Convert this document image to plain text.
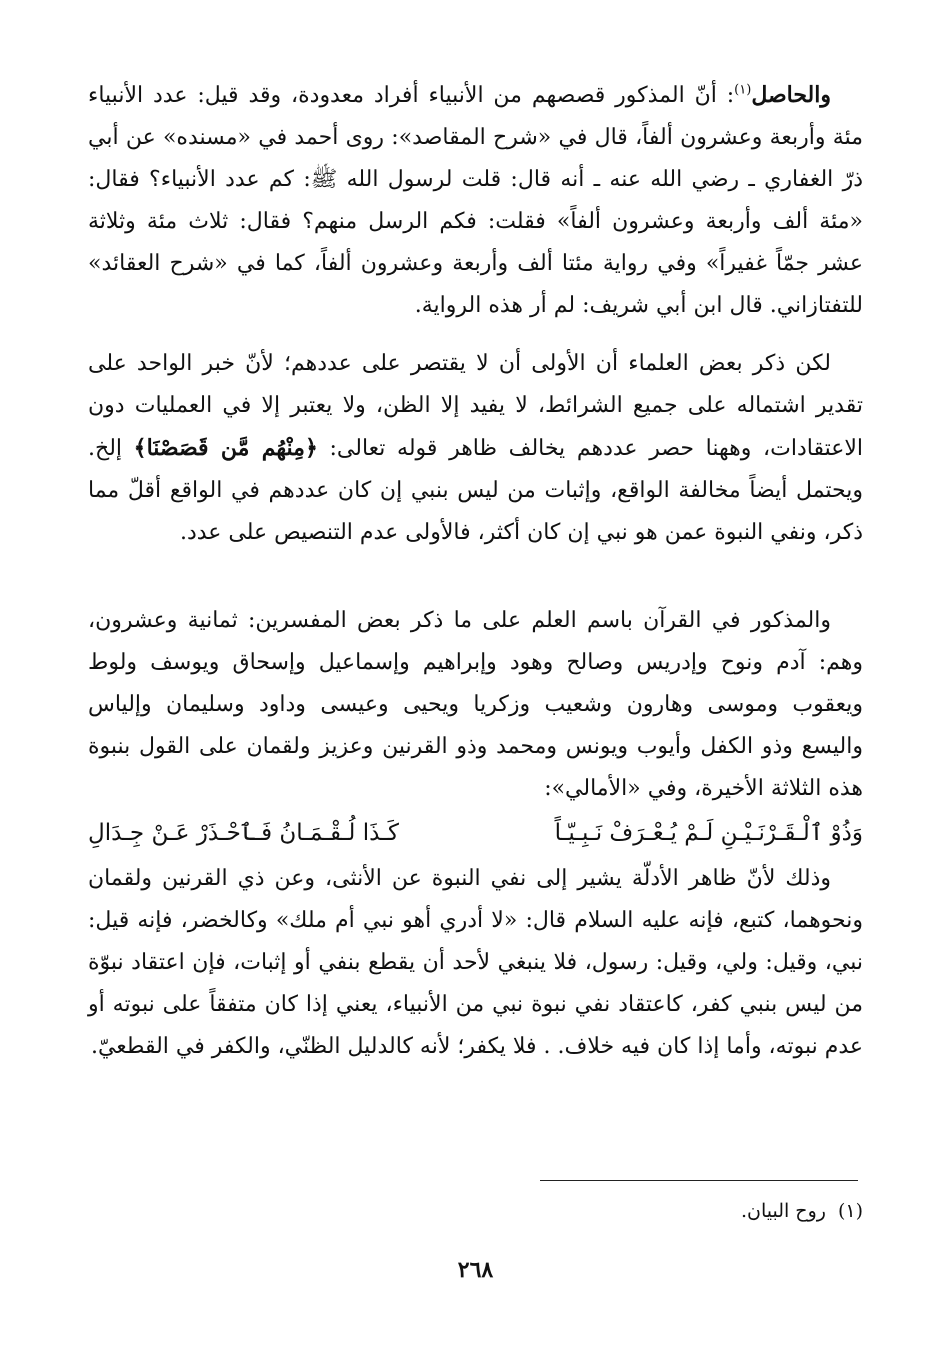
والحاصل$^{(١)}$: أنّ المذكور قصصهم من الأنبياء أفراد معدودة، وقد قيل: عدد الأنبياء مئة وأربعة وعشرون ألفاً، قال في «شرح المقاصد»: روى أحمد في «مسنده» عن أبي ذرّ الغفاري ـ رضي الله عنه ـ أنه قال: قلت لرسول الله ﷺ: كم عدد الأنبياء؟ فقال: «مئة ألف وأربعة وعشرون ألفاً» فقلت: فكم الرسل منهم؟ فقال: ثلاث مئة وثلاثة عشر جمّاً غفيراً» وفي رواية مئتا ألف وأربعة وعشرون ألفاً، كما في «شرح العقائد» للتفتازاني. قال ابن أبي شريف: لم أر هذه الرواية.

لكن ذكر بعض العلماء أن الأولى أن لا يقتصر على عددهم؛ لأنّ خبر الواحد على تقدير اشتماله على جميع الشرائط، لا يفيد إلا الظن، ولا يعتبر إلا في العمليات دون الاعتقادات، وههنا حصر عددهم يخالف ظاهر قوله تعالى: ﴿مِنْهُم مَّن قَصَصْنَا﴾ إلخ. ويحتمل أيضاً مخالفة الواقع، وإثبات من ليس بنبي إن كان عددهم في الواقع أقلّ مما ذكر، ونفي النبوة عمن هو نبي إن كان أكثر، فالأولى عدم التنصيص على عدد.

والمذكور في القرآن باسم العلم على ما ذكر بعض المفسرين: ثمانية وعشرون، وهم: آدم ونوح وإدريس وصالح وهود وإبراهيم وإسماعيل وإسحاق ويوسف ولوط ويعقوب وموسى وهارون وشعيب وزكريا ويحيى وعيسى وداود وسليمان وإلياس واليسع وذو الكفل وأيوب ويونس ومحمد وذو القرنين وعزيز ولقمان على القول بنبوة هذه الثلاثة الأخيرة، وفي «الأمالي»:

وَذُوْ ٱلْـقَـرْنَـيْـنِ لَـمْ يُـعْـرَفْ نَـبِـيّـاً
كَـذَا لُـقْـمَـانُ فَـٱحْـذَرْ عَـنْ جِـدَالِ

وذلك لأنّ ظاهر الأدلّة يشير إلى نفي النبوة عن الأنثى، وعن ذي القرنين ولقمان ونحوهما، كتبع، فإنه عليه السلام قال: «لا أدري أهو نبي أم ملك» وكالخضر، فإنه قيل: نبي، وقيل: ولي، وقيل: رسول، فلا ينبغي لأحد أن يقطع بنفي أو إثبات، فإن اعتقاد نبوّة من ليس بنبي كفر، كاعتقاد نفي نبوة نبي من الأنبياء، يعني إذا كان متفقاً على نبوته أو عدم نبوته، وأما إذا كان فيه خلاف. . فلا يكفر؛ لأنه كالدليل الظنّي، والكفر في القطعيّ.

(١)روح البيان.
٢٦٨
